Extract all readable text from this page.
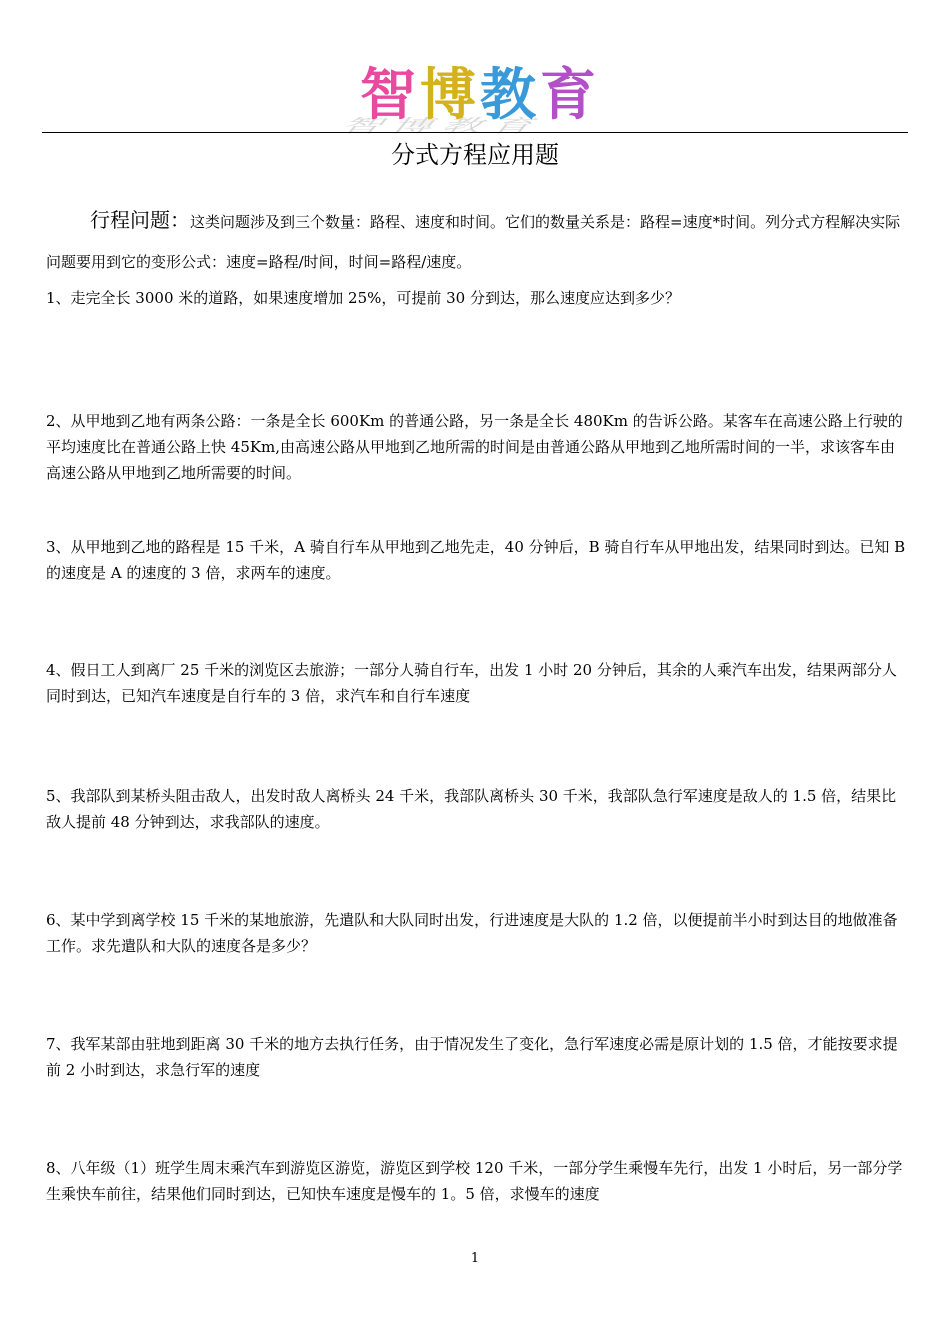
智博教育
智博教育
分式方程应用题
行程问题：这类问题涉及到三个数量：路程、速度和时间。它们的数量关系是：路程=速度*时间。列分式方程解决实际问题要用到它的变形公式：速度=路程/时间，时间=路程/速度。
1、走完全长 3000 米的道路，如果速度增加 25%，可提前 30 分到达，那么速度应达到多少？
2、从甲地到乙地有两条公路：一条是全长 600Km 的普通公路，另一条是全长 480Km 的告诉公路。某客车在高速公路上行驶的平均速度比在普通公路上快 45Km,由高速公路从甲地到乙地所需的时间是由普通公路从甲地到乙地所需时间的一半，求该客车由高速公路从甲地到乙地所需要的时间。
3、从甲地到乙地的路程是 15 千米，A 骑自行车从甲地到乙地先走，40 分钟后，B 骑自行车从甲地出发，结果同时到达。已知 B 的速度是 A 的速度的 3 倍，求两车的速度。
4、假日工人到离厂 25 千米的浏览区去旅游；一部分人骑自行车，出发 1 小时 20 分钟后，其余的人乘汽车出发，结果两部分人同时到达，已知汽车速度是自行车的 3 倍，求汽车和自行车速度
5、我部队到某桥头阻击敌人，出发时敌人离桥头 24 千米，我部队离桥头 30 千米，我部队急行军速度是敌人的 1.5 倍，结果比敌人提前 48 分钟到达，求我部队的速度。
6、某中学到离学校 15 千米的某地旅游，先遣队和大队同时出发，行进速度是大队的 1.2 倍，以便提前半小时到达目的地做准备工作。求先遣队和大队的速度各是多少？
7、我军某部由驻地到距离 30 千米的地方去执行任务，由于情况发生了变化，急行军速度必需是原计划的 1.5 倍，才能按要求提前 2 小时到达，求急行军的速度
8、八年级（1）班学生周末乘汽车到游览区游览，游览区到学校 120 千米，一部分学生乘慢车先行，出发 1 小时后，另一部分学生乘快车前往，结果他们同时到达，已知快车速度是慢车的 1。5 倍，求慢车的速度
1
